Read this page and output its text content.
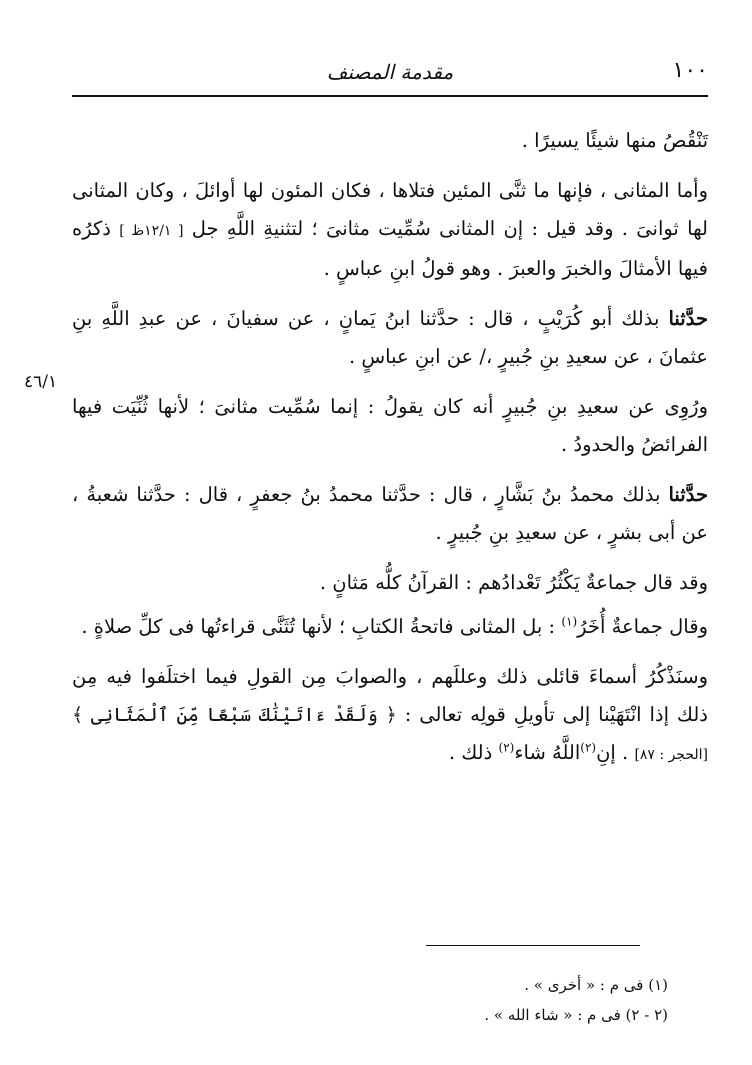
١٠٠
مقدمة المصنف
٤٦/١

تَنْقُصُ منها شيئًا يسيرًا .

وأما المثانى ، فإنها ما ثنَّى المئين فتلاها ، فكان المئون لها أوائلَ ، وكان المثانى لها ثوانىَ . وقد قيل : إن المثانى سُمِّيت مثانىَ ؛ لتثنيةِ اللَّهِ جل [ ١٢/١ظ ] ذكرُه فيها الأمثالَ والخبرَ والعبرَ . وهو قولُ ابنِ عباسٍ .

حدَّثنا بذلك أبو كُرَيْبٍ ، قال : حدَّثنا ابنُ يَمانٍ ، عن سفيانَ ، عن عبدِ اللَّهِ بنِ عثمانَ ، عن سعيدِ بنِ جُبيرٍ ،/ عن ابنِ عباسٍ .

ورُوِى عن سعيدِ بنِ جُبيرٍ أنه كان يقولُ : إنما سُمِّيت مثانىَ ؛ لأنها ثُنِّيَت فيها الفرائضُ والحدودُ .

حدَّثنا بذلك محمدُ بنُ بَشَّارٍ ، قال : حدَّثنا محمدُ بنُ جعفرٍ ، قال : حدَّثنا شعبةُ ، عن أبى بشرٍ ، عن سعيدِ بنِ جُبيرٍ .

وقد قال جماعةٌ يَكْثُرُ تَعْدادُهم : القرآنُ كلُّه مَثانٍ .

وقال جماعةٌ أُخَرُ$^{(١)}$ : بل المثانى فاتحةُ الكتابِ ؛ لأنها تُثَنَّى قراءتُها فى كلِّ صلاةٍ .

وسنَذْكُرُ أسماءَ قائلى ذلك وعللَهم ، والصوابَ مِن القولِ فيما اختلَفوا فيه مِن ذلك إذا انْتَهَيْنا إلى تأويلِ قولِه تعالى : ﴿ وَلَقَدْ ءَاتَيْنَٰكَ سَبْعًا مِّنَ ٱلْمَثَانِى ﴾ [الحجر : ٨٧] . إنِ$^{(٢)}$اللَّهُ شاء$^{(٢)}$ ذلك .

(١) فى م : « أخرى » .
(٢ - ٢) فى م : « شاء الله » .
